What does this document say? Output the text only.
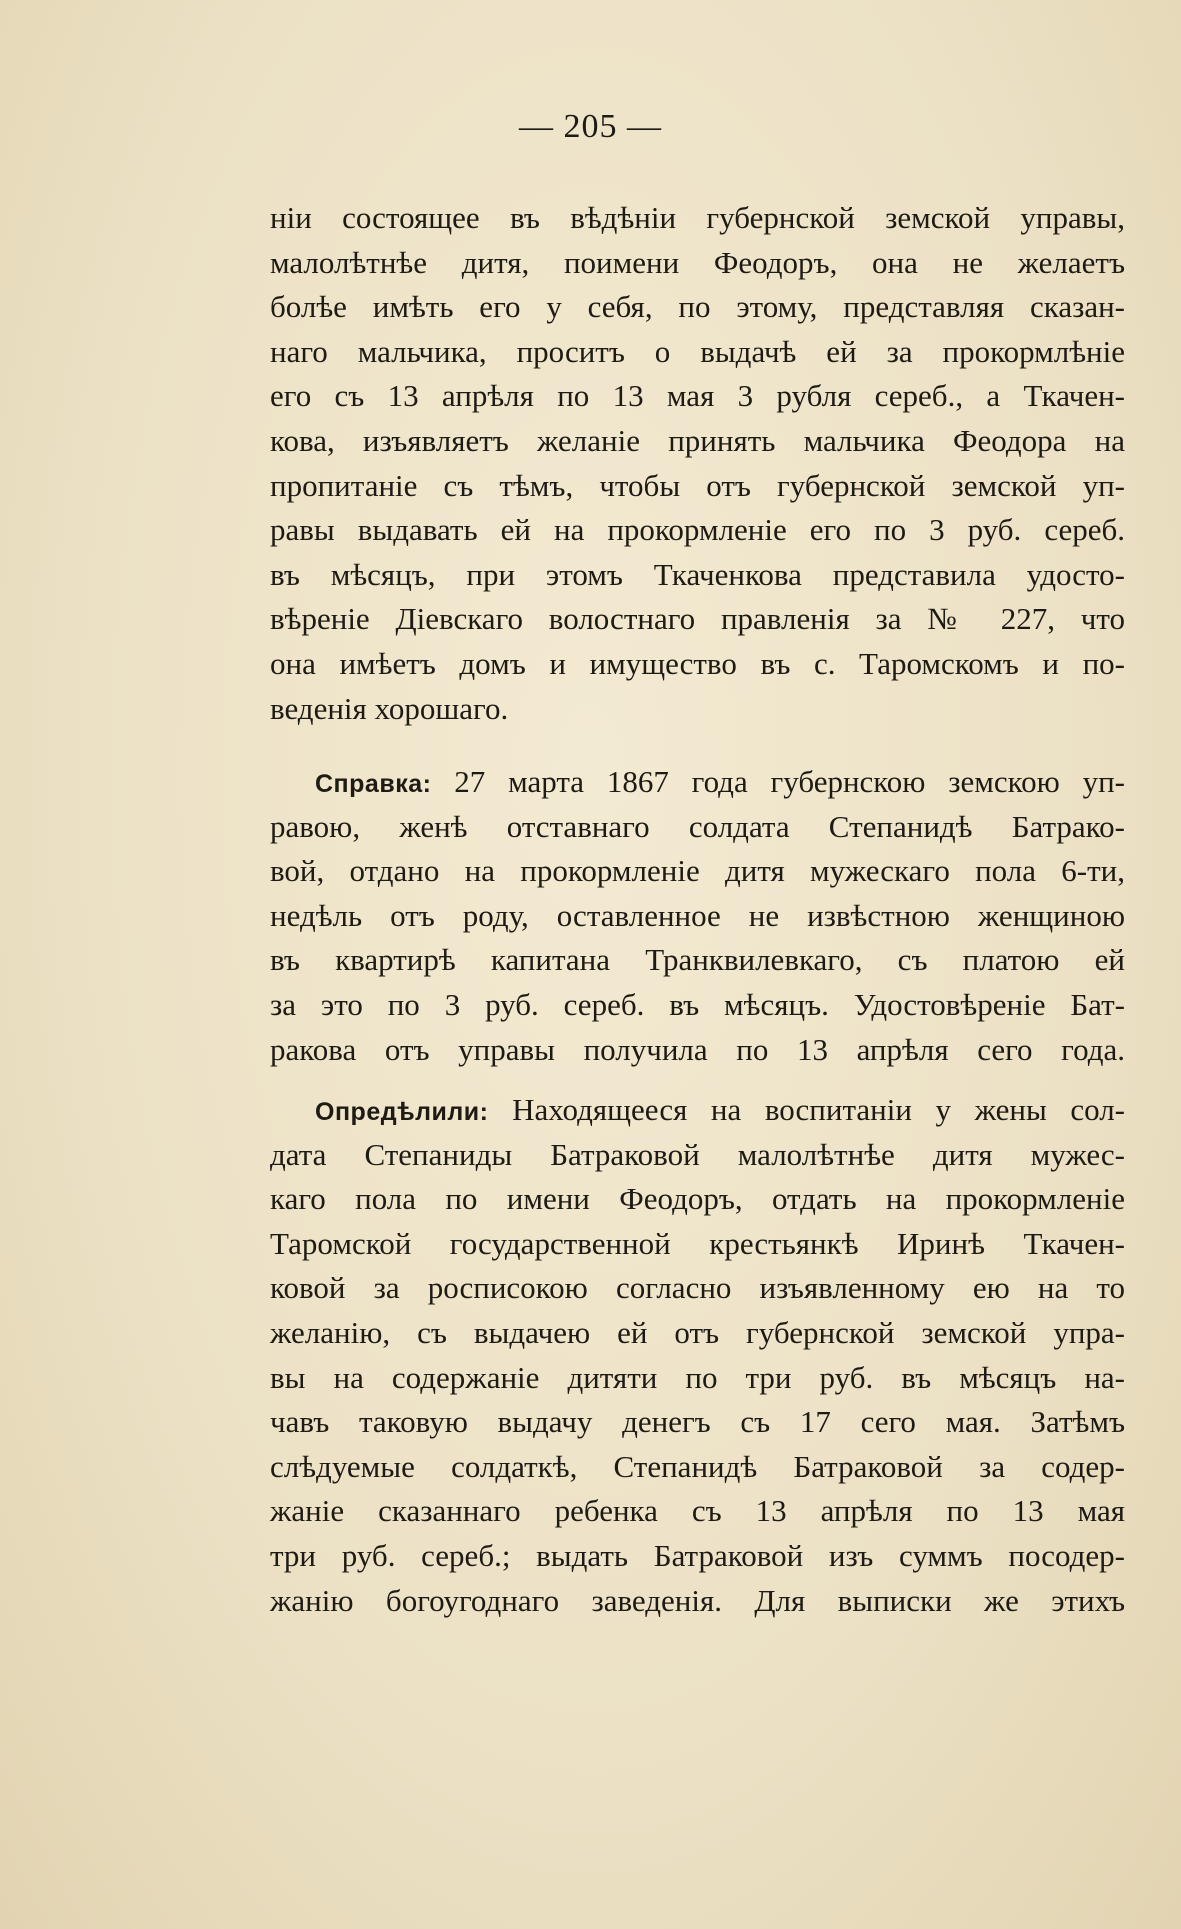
— 205 —
ніи состоящее въ вѣдѣніи губернской земской управы,
малолѣтнѣе дитя, поимени Феодоръ, она не желаетъ
болѣе имѣть его у себя, по этому, представляя сказан-
наго мальчика, проситъ о выдачѣ ей за прокормлѣніе
его съ 13 апрѣля по 13 мая 3 рубля сереб., а Ткачен-
кова, изъявляетъ желаніе принять мальчика Феодора на
пропитаніе съ тѣмъ, чтобы отъ губернской земской уп-
равы выдавать ей на прокормленіе его по 3 руб. сереб.
въ мѣсяцъ, при этомъ Ткаченкова представила удосто-
вѣреніе Діевскаго волостнаго правленія за № 227, что
она имѣетъ домъ и имущество въ с. Таромскомъ и по-
веденія хорошаго.
Справка: 27 марта 1867 года губернскою земскою уп-
равою, женѣ отставнаго солдата Степанидѣ Батрако-
вой, отдано на прокормленіе дитя мужескаго пола 6-ти,
недѣль отъ роду, оставленное не извѣстною женщиною
въ квартирѣ капитана Транквилевкаго, съ платою ей
за это по 3 руб. сереб. въ мѣсяцъ. Удостовѣреніе Бат-
ракова отъ управы получила по 13 апрѣля сего года.
Опредѣлили: Находящееся на воспитаніи у жены сол-
дата Степаниды Батраковой малолѣтнѣе дитя мужес-
каго пола по имени Феодоръ, отдать на прокормленіе
Таромской государственной крестьянкѣ Иринѣ Ткачен-
ковой за росписокою согласно изъявленному ею на то
желанію, съ выдачею ей отъ губернской земской упра-
вы на содержаніе дитяти по три руб. въ мѣсяцъ на-
чавъ таковую выдачу денегъ съ 17 сего мая. Затѣмъ
слѣдуемые солдаткѣ, Степанидѣ Батраковой за содер-
жаніе сказаннаго ребенка съ 13 апрѣля по 13 мая
три руб. сереб.; выдать Батраковой изъ суммъ посодер-
жанію богоугоднаго заведенія. Для выписки же этихъ
